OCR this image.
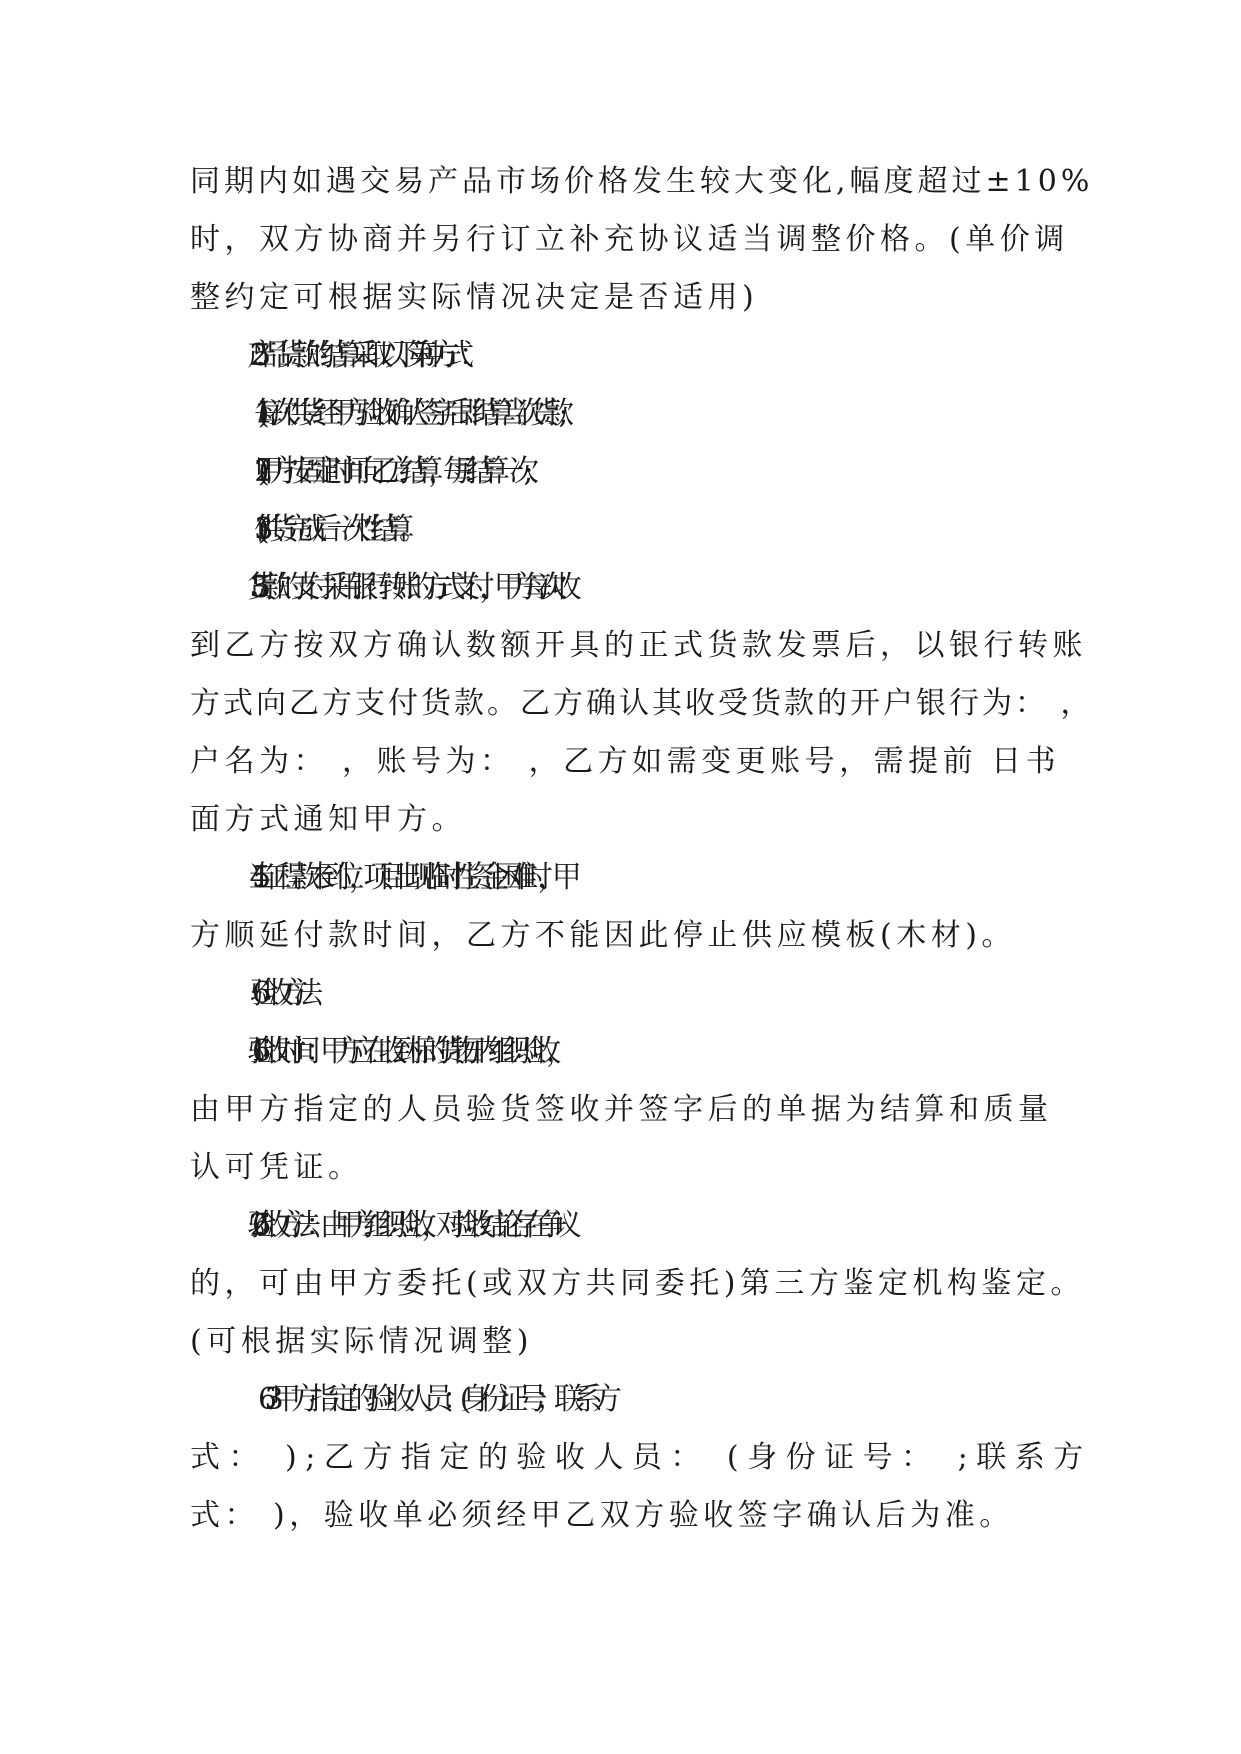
同期内如遇交易产品市场价格发生较大变化,幅度超过±10%
时，双方协商并另行订立补充协议适当调整价格。(单价调
整约定可根据实际情况决定是否适用)
5.2 产品货款的结算采取以下第 种方式：
(1)每次供货经甲方验收确认签字后即结算当次货款;
(2)甲方按固定时间向乙方结算，每 月结算一次;
(3)供货完成后一次性结算。
5.3 货款的支付采用银行转账的方式支付，甲方每次收
到乙方按双方确认数额开具的正式货款发票后，以银行转账
方式向乙方支付货款。乙方确认其收受货款的开户银行为： ，
户名为： ，账号为： ，乙方如需变更账号，需提前 日书
面方式通知甲方。
5.4 当工程款未到位，项目出现临时性资金困难时，甲
方顺延付款时间，乙方不能因此停止供应模板(木材)。
6 验收方法
6.1 验收时间：甲方应在收到标的货物 日内组织验收，
由甲方指定的人员验货签收并签字后的单据为结算和质量
认可凭证。
6.2 验收方法：由甲方组织验收，对验收结论存在争议
的，可由甲方委托(或双方共同委托)第三方鉴定机构鉴定。
(可根据实际情况调整)
6.3 甲方指定的验收人员： (身份证号 ；联系方
式： );乙方指定的验收人员： (身份证号： ;联系方
式： )，验收单必须经甲乙双方验收签字确认后为准。
